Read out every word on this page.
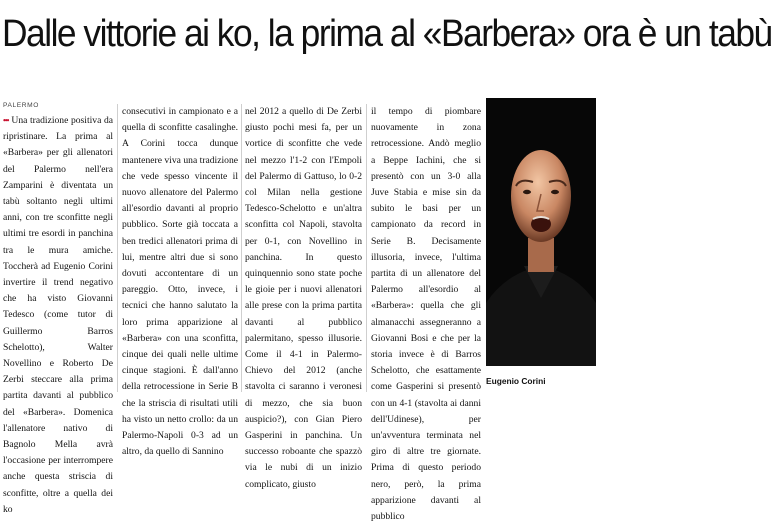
Dalle vittorie ai ko, la prima al «Barbera» ora è un tabù
PALERMO

••• Una tradizione positiva da ripristinare. La prima al «Barbera» per gli allenatori del Palermo nell'era Zamparini è diventata un tabù soltanto negli ultimi anni, con tre sconfitte negli ultimi tre esordi in panchina tra le mura amiche. Toccherà ad Eugenio Corini invertire il trend negativo che ha visto Giovanni Tedesco (come tutor di Guillermo Barros Schelotto), Walter Novellino e Roberto De Zerbi steccare alla prima partita davanti al pubblico del «Barbera». Domenica l'allenatore nativo di Bagnolo Mella avrà l'occasione per interrompere anche questa striscia di sconfitte, oltre a quella dei ko

consecutivi in campionato e a quella di sconfitte casalinghe. A Corini tocca dunque mantenere viva una tradizione che vede spesso vincente il nuovo allenatore del Palermo all'esordio davanti al proprio pubblico. Sorte già toccata a ben tredici allenatori prima di lui, mentre altri due si sono dovuti accontentare di un pareggio. Otto, invece, i tecnici che hanno salutato la loro prima apparizione al «Barbera» con una sconfitta, cinque dei quali nelle ultime cinque stagioni. È dall'anno della retrocessione in Serie B che la striscia di risultati utili ha visto un netto crollo: da un Palermo-Napoli 0-3 ad un altro, da quello di Sannino

nel 2012 a quello di De Zerbi giusto pochi mesi fa, per un vortice di sconfitte che vede nel mezzo l'1-2 con l'Empoli del Palermo di Gattuso, lo 0-2 col Milan nella gestione Tedesco-Schelotto e un'altra sconfitta col Napoli, stavolta per 0-1, con Novellino in panchina. In questo quinquennio sono state poche le gioie per i nuovi allenatori alle prese con la prima partita davanti al pubblico palermitano, spesso illusorie. Come il 4-1 in Palermo-Chievo del 2012 (anche stavolta ci saranno i veronesi di mezzo, che sia buon auspicio?), con Gian Piero Gasperini in panchina. Un successo roboante che spazzò via le nubi di un inizio complicato, giusto

il tempo di piombare nuovamente in zona retrocessione. Andò meglio a Beppe Iachini, che si presentò con un 3-0 alla Juve Stabia e mise sin da subito le basi per un campionato da record in Serie B. Decisamente illusoria, invece, l'ultima partita di un allenatore del Palermo all'esordio al «Barbera»: quella che gli almanacchi assegneranno a Giovanni Bosi e che per la storia invece è di Barros Schelotto, che esattamente come Gasperini si presentò con un 4-1 (stavolta ai danni dell'Udinese), per un'avventura terminata nel giro di altre tre giornate. Prima di questo periodo nero, però, la prima apparizione davanti al pubblico

Eugenio Corini
